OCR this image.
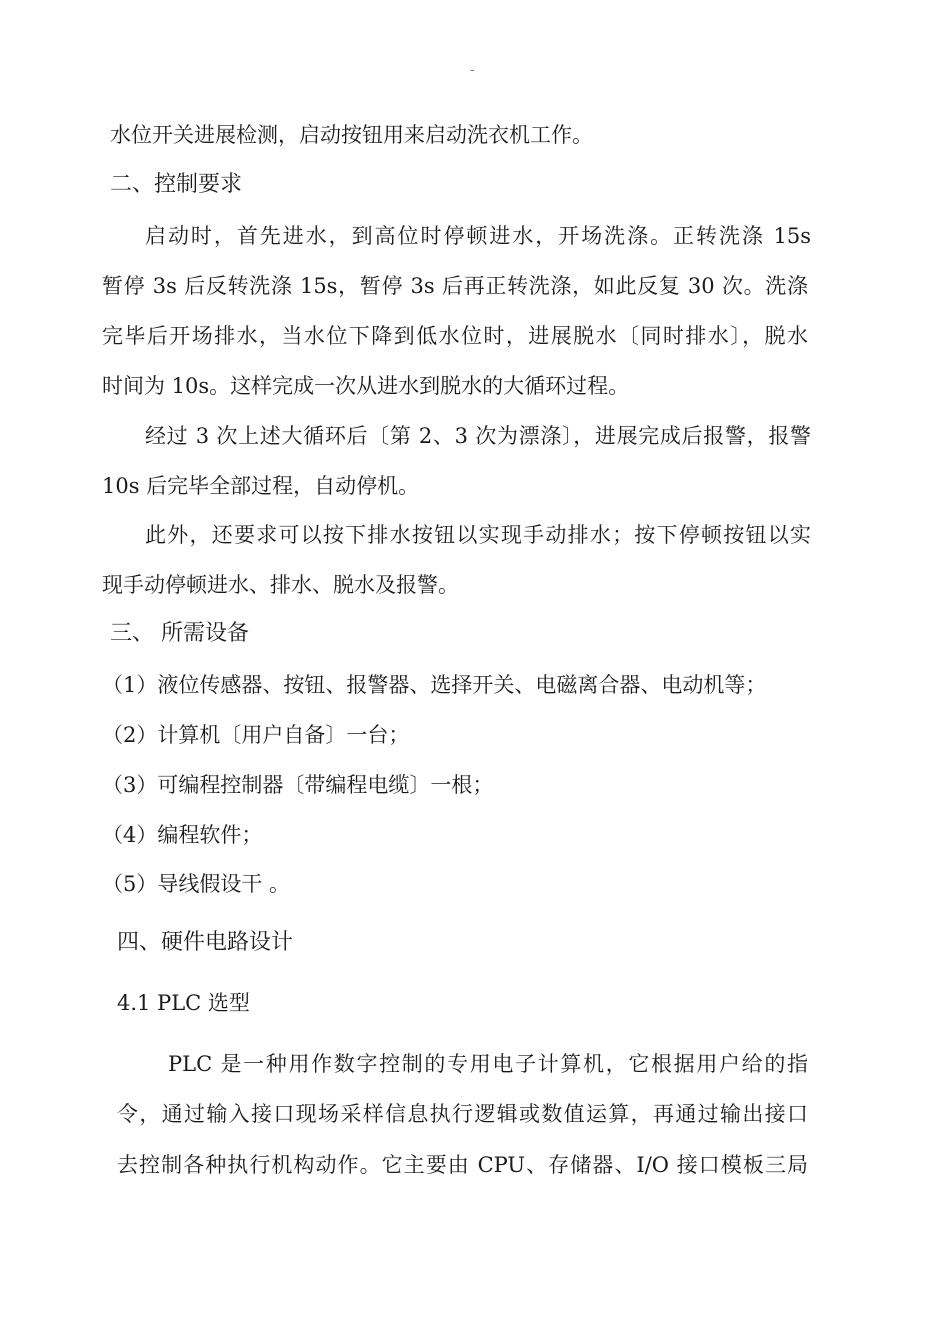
-
水位开关进展检测，启动按钮用来启动洗衣机工作。
二、控制要求
启动时，首先进水，到高位时停顿进水，开场洗涤。正转洗涤 15s
暂停 3s 后反转洗涤 15s，暂停 3s 后再正转洗涤，如此反复 30 次。洗涤
完毕后开场排水，当水位下降到低水位时，进展脱水〔同时排水〕，脱水
时间为 10s。这样完成一次从进水到脱水的大循环过程。
经过 3 次上述大循环后〔第 2、3 次为漂涤〕，进展完成后报警，报警
10s 后完毕全部过程，自动停机。
此外，还要求可以按下排水按钮以实现手动排水；按下停顿按钮以实
现手动停顿进水、排水、脱水及报警。
三、 所需设备
（1）液位传感器、按钮、报警器、选择开关、电磁离合器、电动机等；
（2）计算机〔用户自备〕一台；
（3）可编程控制器〔带编程电缆〕一根；
（4）编程软件；
（5）导线假设干 。
四、硬件电路设计
4.1 PLC 选型
PLC 是一种用作数字控制的专用电子计算机，它根据用户给的指
令，通过输入接口现场采样信息执行逻辑或数值运算，再通过输出接口
去控制各种执行机构动作。它主要由 CPU、存储器、I/O 接口模板三局
